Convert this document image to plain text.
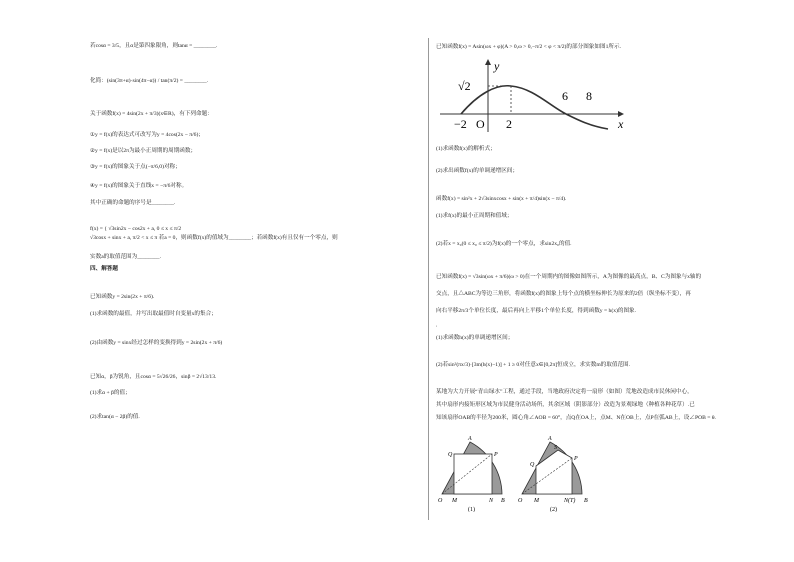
若cosα = 3/5，且α是第四象限角，则tanα = ________.
化简：(sin(3π+α)·sin(4π−α)) / tan(π/2) = ________.
关于函数f(x) = 4sin(2x + π/3)(x∈R)，有下列命题：
①y = f(x)的表达式可改写为y = 4cos(2x − π/6)；
②y = f(x)是以2π为最小正周期的周期函数；
③y = f(x)的图象关于点(−π/6,0)对称；
④y = f(x)的图象关于直线x = −π/6对称。
其中正确的命题的序号是________.
f(x) = { √3sin2x − cos2x + a, 0 ≤ x ≤ π/2
√3cosx + sinx + a, π/2 < x ≤ π 若a = 0，则函数f(x)的值域为________；若函数f(x)有且仅有一个零点，则
实数a的取值范围为________.
四、解答题
已知函数y = 2sin(2x + π/6).
(1)求函数的最值，并写出取最值时自变量x的集合；
(2)由函数y = sinx经过怎样的变换得到y = 2sin(2x + π/6)
已知α，β为锐角，且cosα = 5√26/26，sinβ = 2√13/13.
(1)求α + β的值；
(2)求tan(α − 2β)的值.
已知函数f(x) = Asin(ωx + φ)(A > 0,ω > 0,−π/2 < φ < π/2)的部分图象如图1所示.
y
x
√2
−2 O 2
6 8
(1)求函数f(x)的解析式；
(2)求出函数f(x)的单调递增区间；
函数f(x) = sin²x + 2√3sinxcosx + sin(x + π/4)sin(x − π/4).
(1)求f(x)的最小正周期和值域；
(2)若x = x₀(0 ≤ x₀ ≤ π/2)为f(x)的一个零点，求sin2x₀的值.
已知函数f(x) = √3sin(ωx + π/6)(ω > 0)在一个周期内的图像如图所示，A为图像的最高点，B、C为图象与x轴的
交点，且△ABC为等边三角形，将函数f(x)的图象上每个点的横坐标伸长为原来的2倍（纵坐标不变），再
向右平移2π/3个单位长度，最后再向上平移1个单位长度，得到函数y = h(x)的图象.
，
(1)求函数h(x)的单调递增区间；
(2)若sin²(πx/3)·[3m(h(x)−1)] + 1 ≥ 0对任意x∈[0,2π]恒成立，求实数m的取值范围.
某地为大力开展“青山绿水”工程，通过手段，当地政府决定将一扇形（如图）荒地改造成市民休闲中心，
其中扇形内接矩形区域为市民健身活动场所，其余区域（阴影部分）改造为景观绿地（种植各种花草）.已
知该扇形OAB的半径为200米，圆心角∠AOB = 60°，点Q在OA上，点M、N在OB上，点P在弧AB上，设∠POB = θ.
A
Q	P
O M	N B
(1)
A
S
Q
P
O M	N(T) B
(2)
